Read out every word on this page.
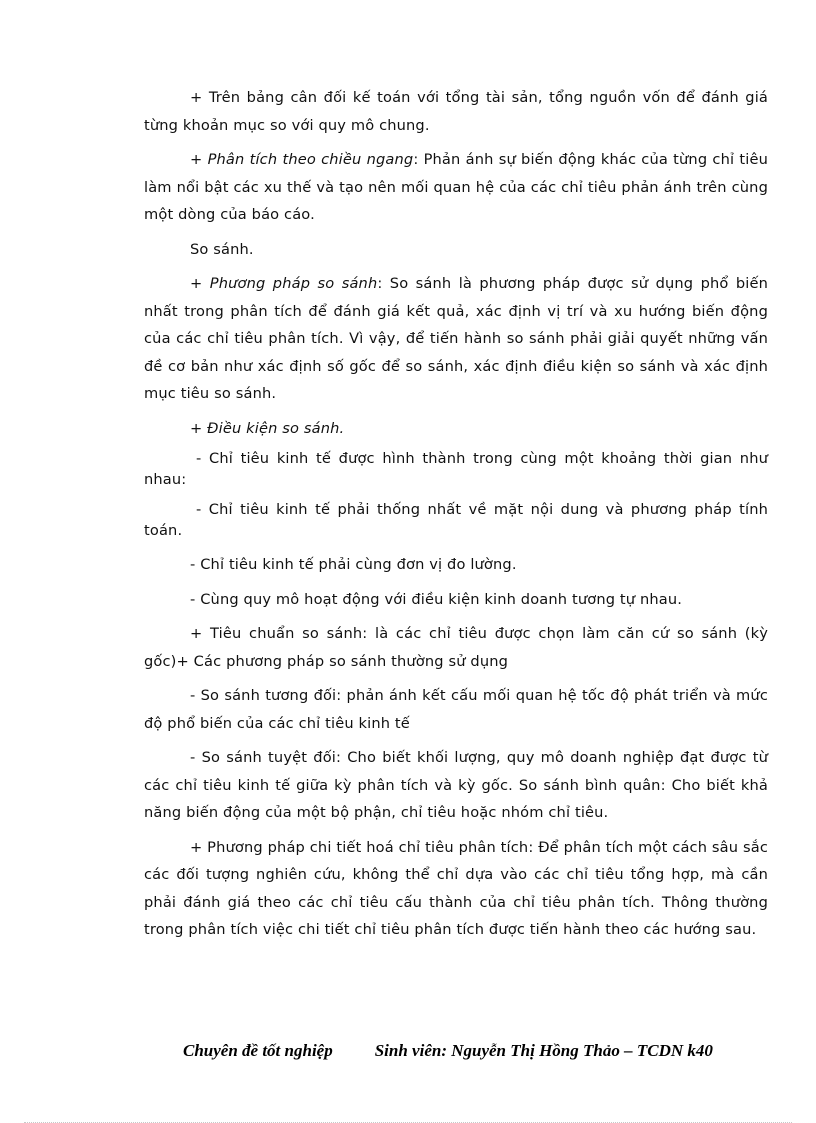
+ Trên bảng cân đối kế toán với tổng tài sản, tổng nguồn vốn để đánh giá từng khoản mục so với quy mô chung.

+ Phân tích theo chiều ngang: Phản ánh sự biến động khác của từng chỉ tiêu làm nổi bật các xu thế và tạo nên mối quan hệ của các chỉ tiêu phản ánh trên cùng một dòng của báo cáo.

So sánh.

+ Phương pháp so sánh: So sánh là phương pháp được sử dụng phổ biến nhất trong phân tích để đánh giá kết quả, xác định vị trí và xu hướng biến động của các chỉ tiêu phân tích. Vì vậy, để tiến hành so sánh phải giải quyết những vấn đề cơ bản như xác định số gốc để so sánh, xác định điều kiện so sánh và xác định mục tiêu so sánh.

+ Điều kiện so sánh.

- Chỉ tiêu kinh tế được hình thành trong cùng một khoảng thời gian như nhau:

- Chỉ tiêu kinh tế phải thống nhất về mặt nội dung và phương pháp tính toán.

- Chỉ tiêu kinh tế phải cùng đơn vị đo lường.

- Cùng quy mô hoạt động với điều kiện kinh doanh tương tự nhau.

+ Tiêu chuẩn so sánh: là các chỉ tiêu được chọn làm căn cứ so sánh (kỳ gốc)+ Các phương pháp so sánh thường sử dụng

- So sánh tương đối: phản ánh kết cấu mối quan hệ tốc độ phát triển và mức độ phổ biến của các chỉ tiêu kinh tế

- So sánh tuyệt đối: Cho biết khối lượng, quy mô doanh nghiệp đạt được từ các chỉ tiêu kinh tế giữa kỳ phân tích và kỳ gốc. So sánh bình quân: Cho biết khả năng biến động của một bộ phận, chỉ tiêu hoặc nhóm chỉ tiêu.

+ Phương pháp chi tiết hoá chỉ tiêu phân tích: Để phân tích một cách sâu sắc các đối tượng nghiên cứu, không thể chỉ dựa vào các chỉ tiêu tổng hợp, mà cần phải đánh giá theo các chỉ tiêu cấu thành của chỉ tiêu phân tích. Thông thường trong phân tích việc chi tiết chỉ tiêu phân tích được tiến hành theo các hướng sau.

Chuyên đề tốt nghiệp Sinh viên: Nguyễn Thị Hồng Thảo – TCDN k40
